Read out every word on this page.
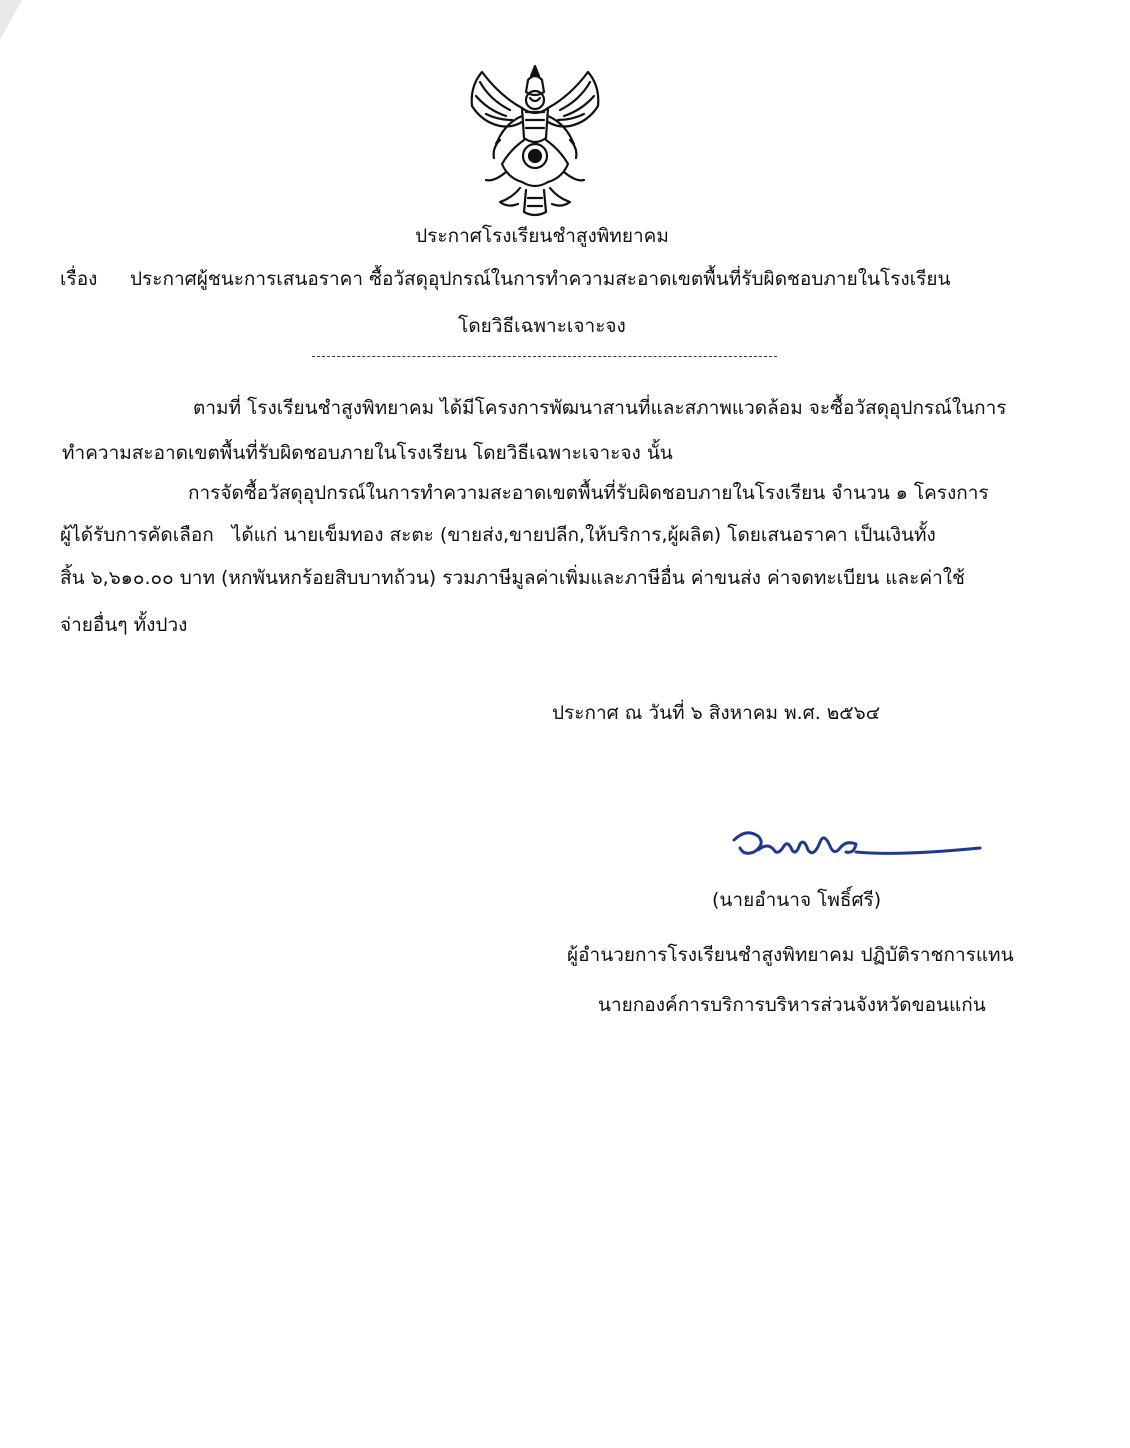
ประกาศโรงเรียนชำสูงพิทยาคม
เรื่อง ประกาศผู้ชนะการเสนอราคา ซื้อวัสดุอุปกรณ์ในการทำความสะอาดเขตพื้นที่รับผิดชอบภายในโรงเรียน
โดยวิธีเฉพาะเจาะจง
ตามที่ โรงเรียนชำสูงพิทยาคม ได้มีโครงการพัฒนาสานที่และสภาพแวดล้อม จะซื้อวัสดุอุปกรณ์ในการ
ทำความสะอาดเขตพื้นที่รับผิดชอบภายในโรงเรียน โดยวิธีเฉพาะเจาะจง นั้น
การจัดซื้อวัสดุอุปกรณ์ในการทำความสะอาดเขตพื้นที่รับผิดชอบภายในโรงเรียน จำนวน ๑ โครงการ
ผู้ได้รับการคัดเลือก ได้แก่ นายเข็มทอง สะตะ (ขายส่ง,ขายปลีก,ให้บริการ,ผู้ผลิต) โดยเสนอราคา เป็นเงินทั้ง
สิ้น ๖,๖๑๐.๐๐ บาท (หกพันหกร้อยสิบบาทถ้วน) รวมภาษีมูลค่าเพิ่มและภาษีอื่น ค่าขนส่ง ค่าจดทะเบียน และค่าใช้
จ่ายอื่นๆ ทั้งปวง
ประกาศ ณ วันที่ ๖ สิงหาคม พ.ศ. ๒๕๖๔
(นายอำนาจ โพธิ์ศรี)
ผู้อำนวยการโรงเรียนชำสูงพิทยาคม ปฏิบัติราชการแทน
นายกองค์การบริการบริหารส่วนจังหวัดขอนแก่น
